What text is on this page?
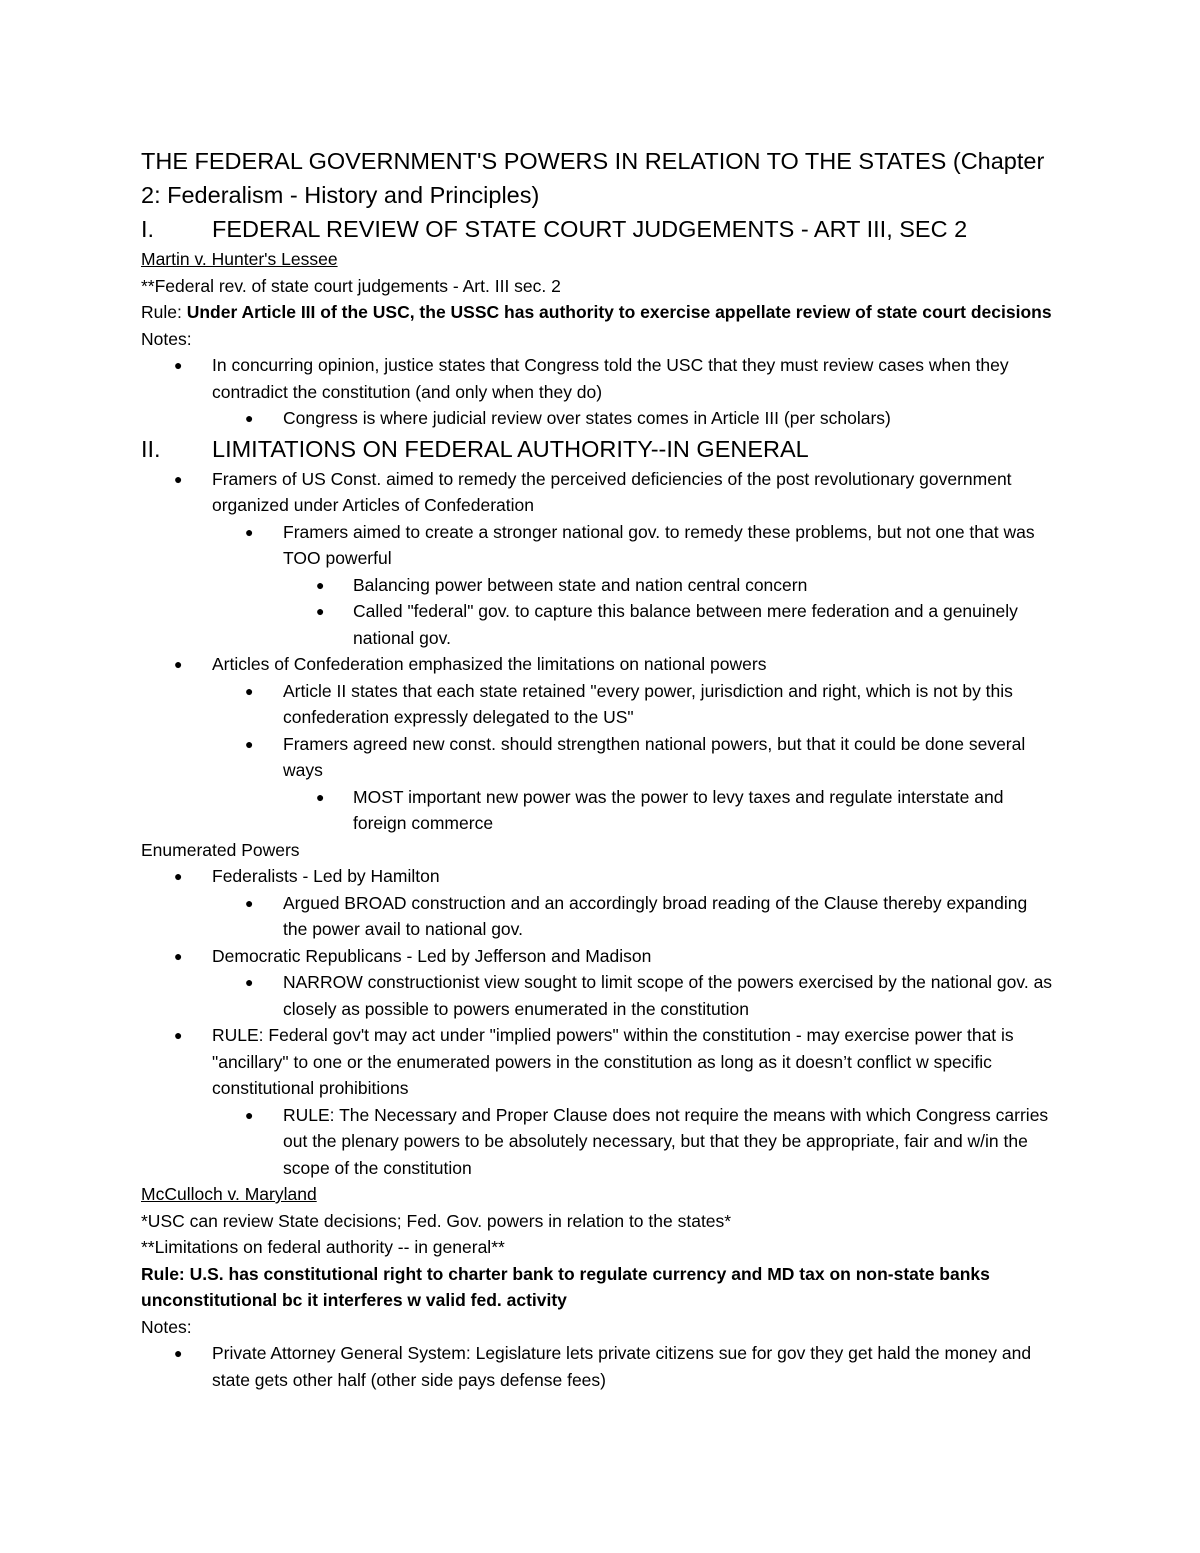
THE FEDERAL GOVERNMENT'S POWERS IN RELATION TO THE STATES (Chapter 2: Federalism - History and Principles)
I.	FEDERAL REVIEW OF STATE COURT JUDGEMENTS - ART III, SEC 2

Martin v. Hunter's Lessee

**Federal rev. of state court judgements - Art. III sec. 2

Rule: Under Article III of the USC, the USSC has authority to exercise appellate review of state court decisions

Notes:

● In concurring opinion, justice states that Congress told the USC that they must review cases when they contradict the constitution (and only when they do)
● Congress is where judicial review over states comes in Article III (per scholars)
II.	LIMITATIONS ON FEDERAL AUTHORITY--IN GENERAL
● Framers of US Const. aimed to remedy the perceived deficiencies of the post revolutionary government organized under Articles of Confederation
● Framers aimed to create a stronger national gov. to remedy these problems, but not one that was TOO powerful
● Balancing power between state and nation central concern
● Called "federal" gov. to capture this balance between mere federation and a genuinely national gov.
● Articles of Confederation emphasized the limitations on national powers
● Article II states that each state retained "every power, jurisdiction and right, which is not by this confederation expressly delegated to the US"
● Framers agreed new const. should strengthen national powers, but that it could be done several ways
● MOST important new power was the power to levy taxes and regulate interstate and foreign commerce

Enumerated Powers

● Federalists - Led by Hamilton
● Argued BROAD construction and an accordingly broad reading of the Clause thereby expanding the power avail to national gov.
● Democratic Republicans - Led by Jefferson and Madison
● NARROW constructionist view sought to limit scope of the powers exercised by the national gov. as closely as possible to powers enumerated in the constitution
● RULE: Federal gov't may act under "implied powers" within the constitution - may exercise power that is "ancillary" to one or the enumerated powers in the constitution as long as it doesn’t conflict w specific constitutional prohibitions
● RULE: The Necessary and Proper Clause does not require the means with which Congress carries out the plenary powers to be absolutely necessary, but that they be appropriate, fair and w/in the scope of the constitution

McCulloch v. Maryland

*USC can review State decisions; Fed. Gov. powers in relation to the states*

**Limitations on federal authority -- in general**

Rule: U.S. has constitutional right to charter bank to regulate currency and MD tax on non-state banks unconstitutional bc it interferes w valid fed. activity

Notes:

● Private Attorney General System: Legislature lets private citizens sue for gov they get hald the money and state gets other half (other side pays defense fees)
